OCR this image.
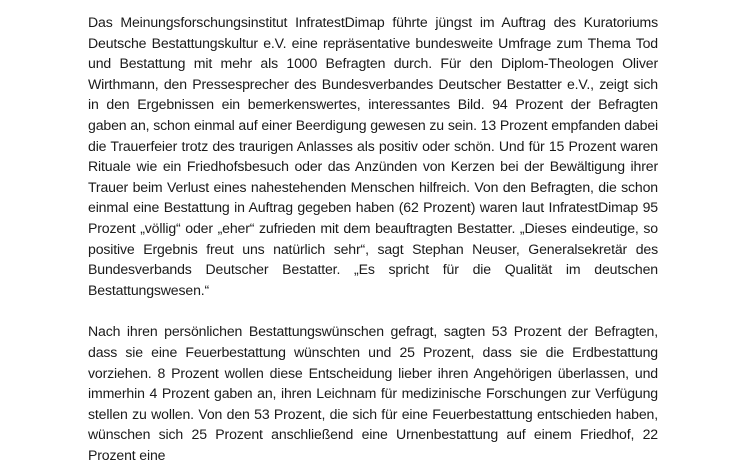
Das Meinungsforschungsinstitut InfratestDimap führte jüngst im Auftrag des Kuratoriums Deutsche Bestattungskultur e.V. eine repräsentative bundesweite Umfrage zum Thema Tod und Bestattung mit mehr als 1000 Befragten durch. Für den Diplom-Theologen Oliver Wirthmann, den Pressesprecher des Bundesverbandes Deutscher Bestatter e.V., zeigt sich in den Ergebnissen ein bemerkenswertes, interessantes Bild. 94 Prozent der Befragten gaben an, schon einmal auf einer Beerdigung gewesen zu sein. 13 Prozent empfanden dabei die Trauerfeier trotz des traurigen Anlasses als positiv oder schön. Und für 15 Prozent waren Rituale wie ein Friedhofsbesuch oder das Anzünden von Kerzen bei der Bewältigung ihrer Trauer beim Verlust eines nahestehenden Menschen hilfreich. Von den Befragten, die schon einmal eine Bestattung in Auftrag gegeben haben (62 Prozent) waren laut InfratestDimap 95 Prozent „völlig“ oder „eher“ zufrieden mit dem beauftragten Bestatter. „Dieses eindeutige, so positive Ergebnis freut uns natürlich sehr“, sagt Stephan Neuser, Generalsekretär des Bundesverbands Deutscher Bestatter. „Es spricht für die Qualität im deutschen Bestattungswesen.“

Nach ihren persönlichen Bestattungswünschen gefragt, sagten 53 Prozent der Befragten, dass sie eine Feuerbestattung wünschten und 25 Prozent, dass sie die Erdbestattung vorziehen. 8 Prozent wollen diese Entscheidung lieber ihren Angehörigen überlassen, und immerhin 4 Prozent gaben an, ihren Leichnam für medizinische Forschungen zur Verfügung stellen zu wollen. Von den 53 Prozent, die sich für eine Feuerbestattung entschieden haben, wünschen sich 25 Prozent anschließend eine Urnenbestattung auf einem Friedhof, 22 Prozent eine
